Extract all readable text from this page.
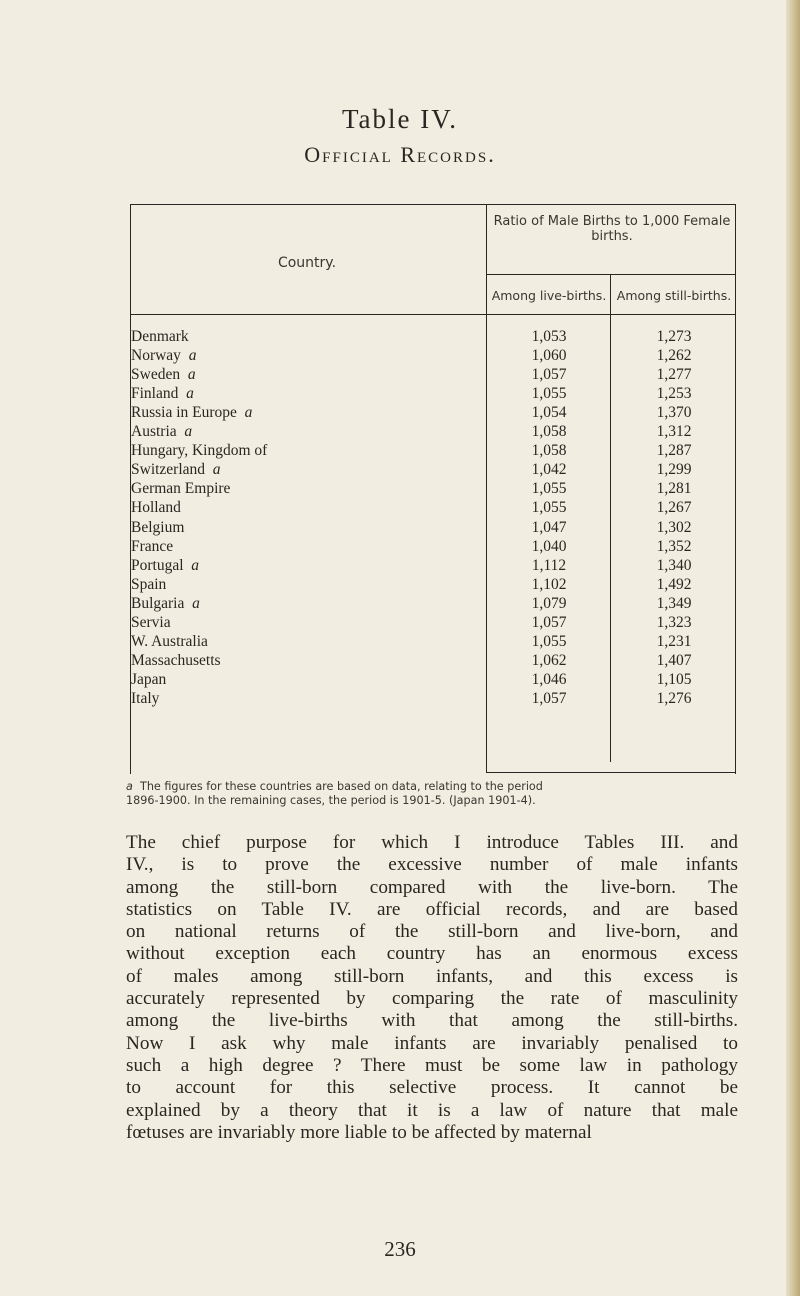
Table IV.
Official Records.
Country.
Ratio of Male Births to 1,000 Female births.
Among live-births. Among still-births.
Denmark	1,053	1,273
Norway a	1,060	1,262
Sweden a	1,057	1,277
Finland a	1,055	1,253
Russia in Europe a	1,054	1,370
Austria a	1,058	1,312
Hungary, Kingdom of	1,058	1,287
Switzerland a	1,042	1,299
German Empire	1,055	1,281
Holland	1,055	1,267
Belgium	1,047	1,302
France	1,040	1,352
Portugal a	1,112	1,340
Spain	1,102	1,492
Bulgaria a	1,079	1,349
Servia	1,057	1,323
W. Australia	1,055	1,231
Massachusetts	1,062	1,407
Japan	1,046	1,105
Italy	1,057	1,276
a The figures for these countries are based on data, relating to the period
1896-1900. In the remaining cases, the period is 1901-5. (Japan 1901-4).
The chief purpose for which I introduce Tables III. and
IV., is to prove the excessive number of male infants
among the still-born compared with the live-born. The
statistics on Table IV. are official records, and are based
on national returns of the still-born and live-born, and
without exception each country has an enormous excess
of males among still-born infants, and this excess is
accurately represented by comparing the rate of masculinity
among the live-births with that among the still-births.
Now I ask why male infants are invariably penalised to
such a high degree ? There must be some law in pathology
to account for this selective process. It cannot be
explained by a theory that it is a law of nature that male
fœtuses are invariably more liable to be affected by maternal
236
